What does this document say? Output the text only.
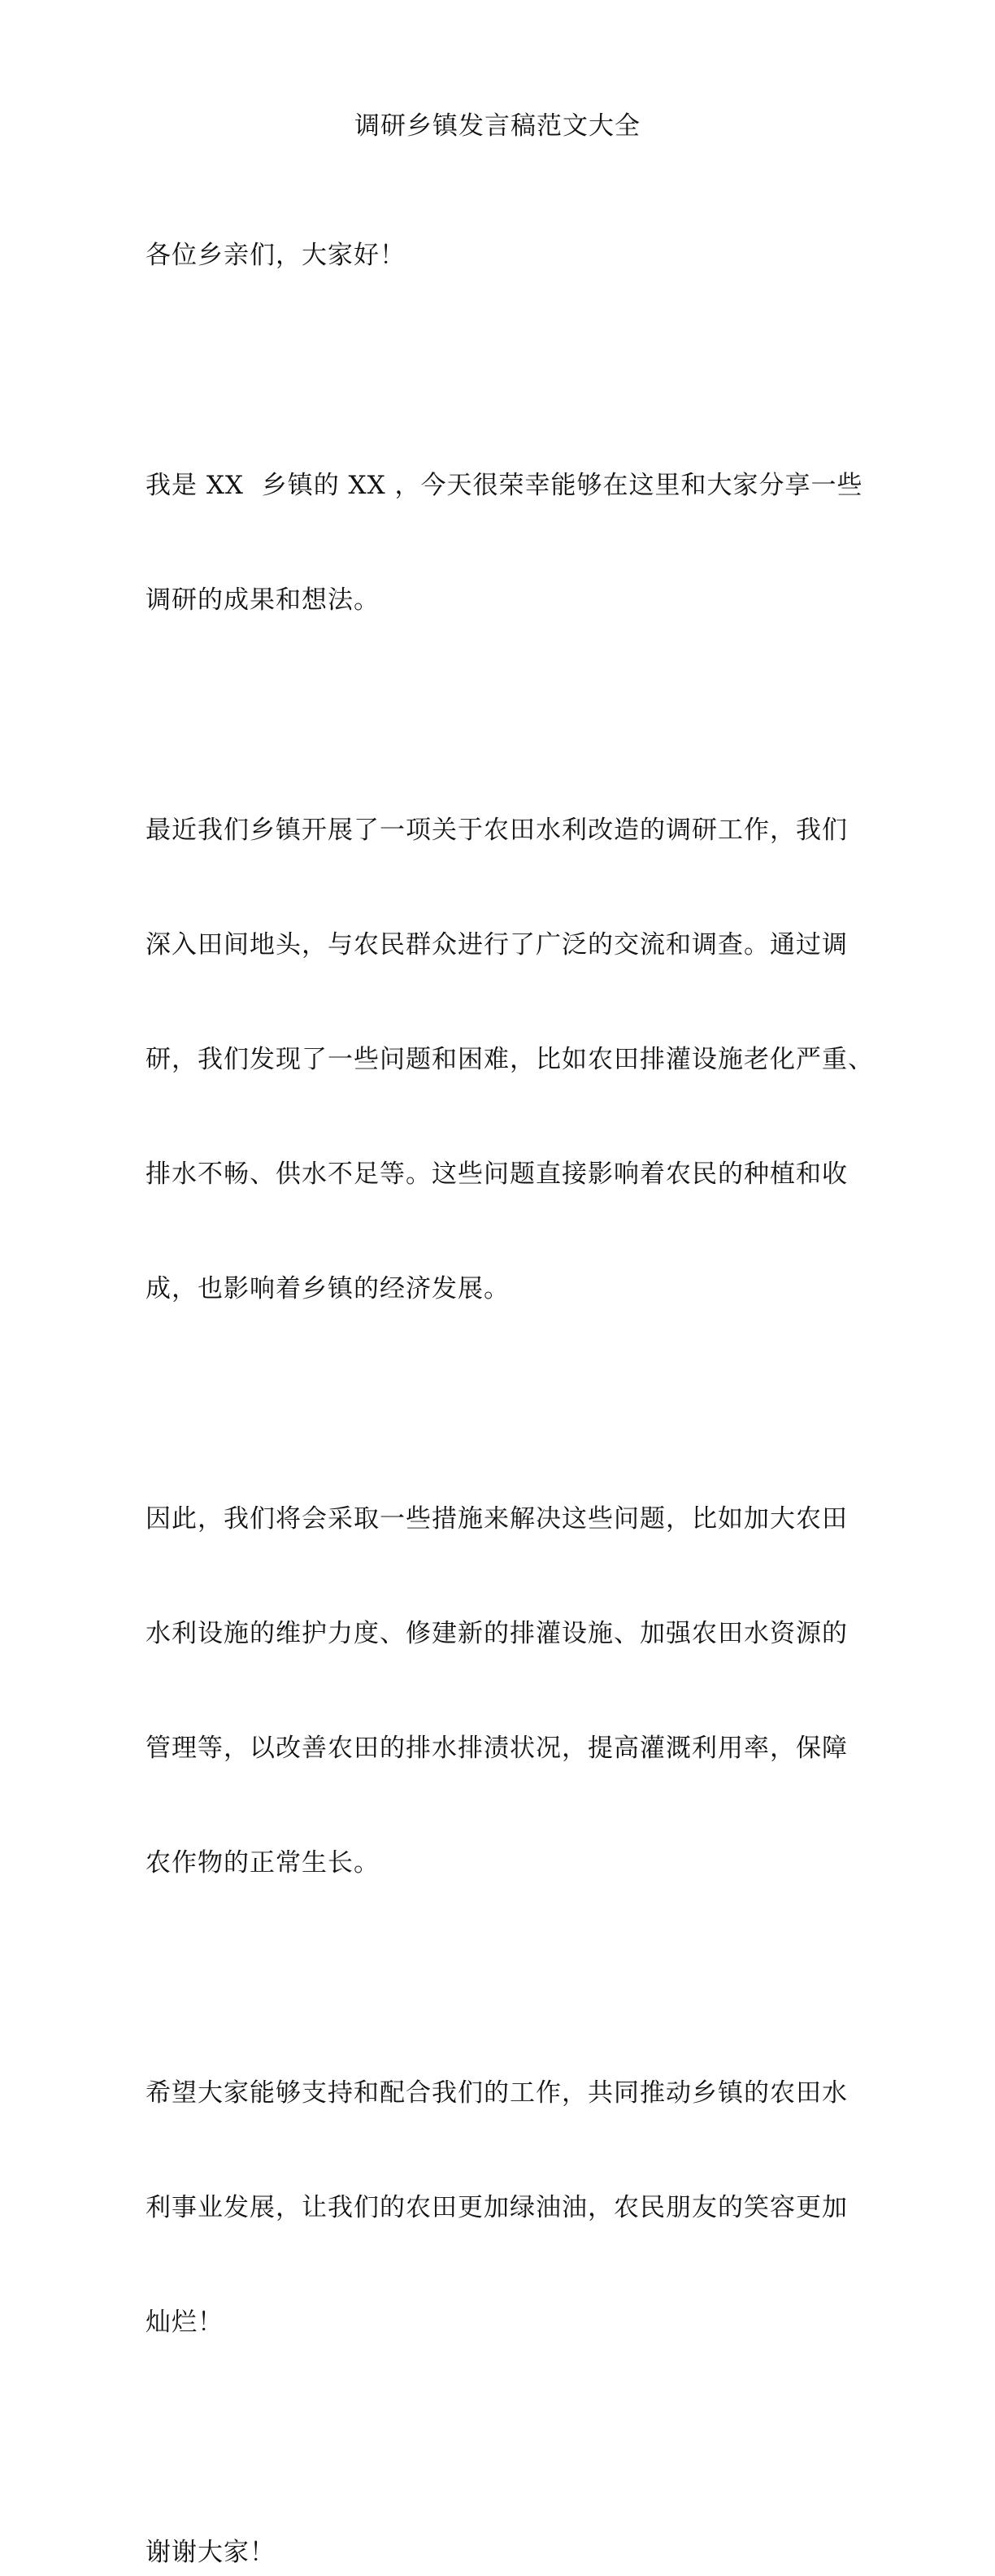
调研乡镇发言稿范文大全

各位乡亲们，大家好！

我是 XX  乡镇的 XX ，今天很荣幸能够在这里和大家分享一些

调研的成果和想法。

最近我们乡镇开展了一项关于农田水利改造的调研工作，我们

深入田间地头，与农民群众进行了广泛的交流和调查。通过调

研，我们发现了一些问题和困难，比如农田排灌设施老化严重、

排水不畅、供水不足等。这些问题直接影响着农民的种植和收

成，也影响着乡镇的经济发展。

因此，我们将会采取一些措施来解决这些问题，比如加大农田

水利设施的维护力度、修建新的排灌设施、加强农田水资源的

管理等，以改善农田的排水排渍状况，提高灌溉利用率，保障

农作物的正常生长。

希望大家能够支持和配合我们的工作，共同推动乡镇的农田水

利事业发展，让我们的农田更加绿油油，农民朋友的笑容更加

灿烂！

谢谢大家！
